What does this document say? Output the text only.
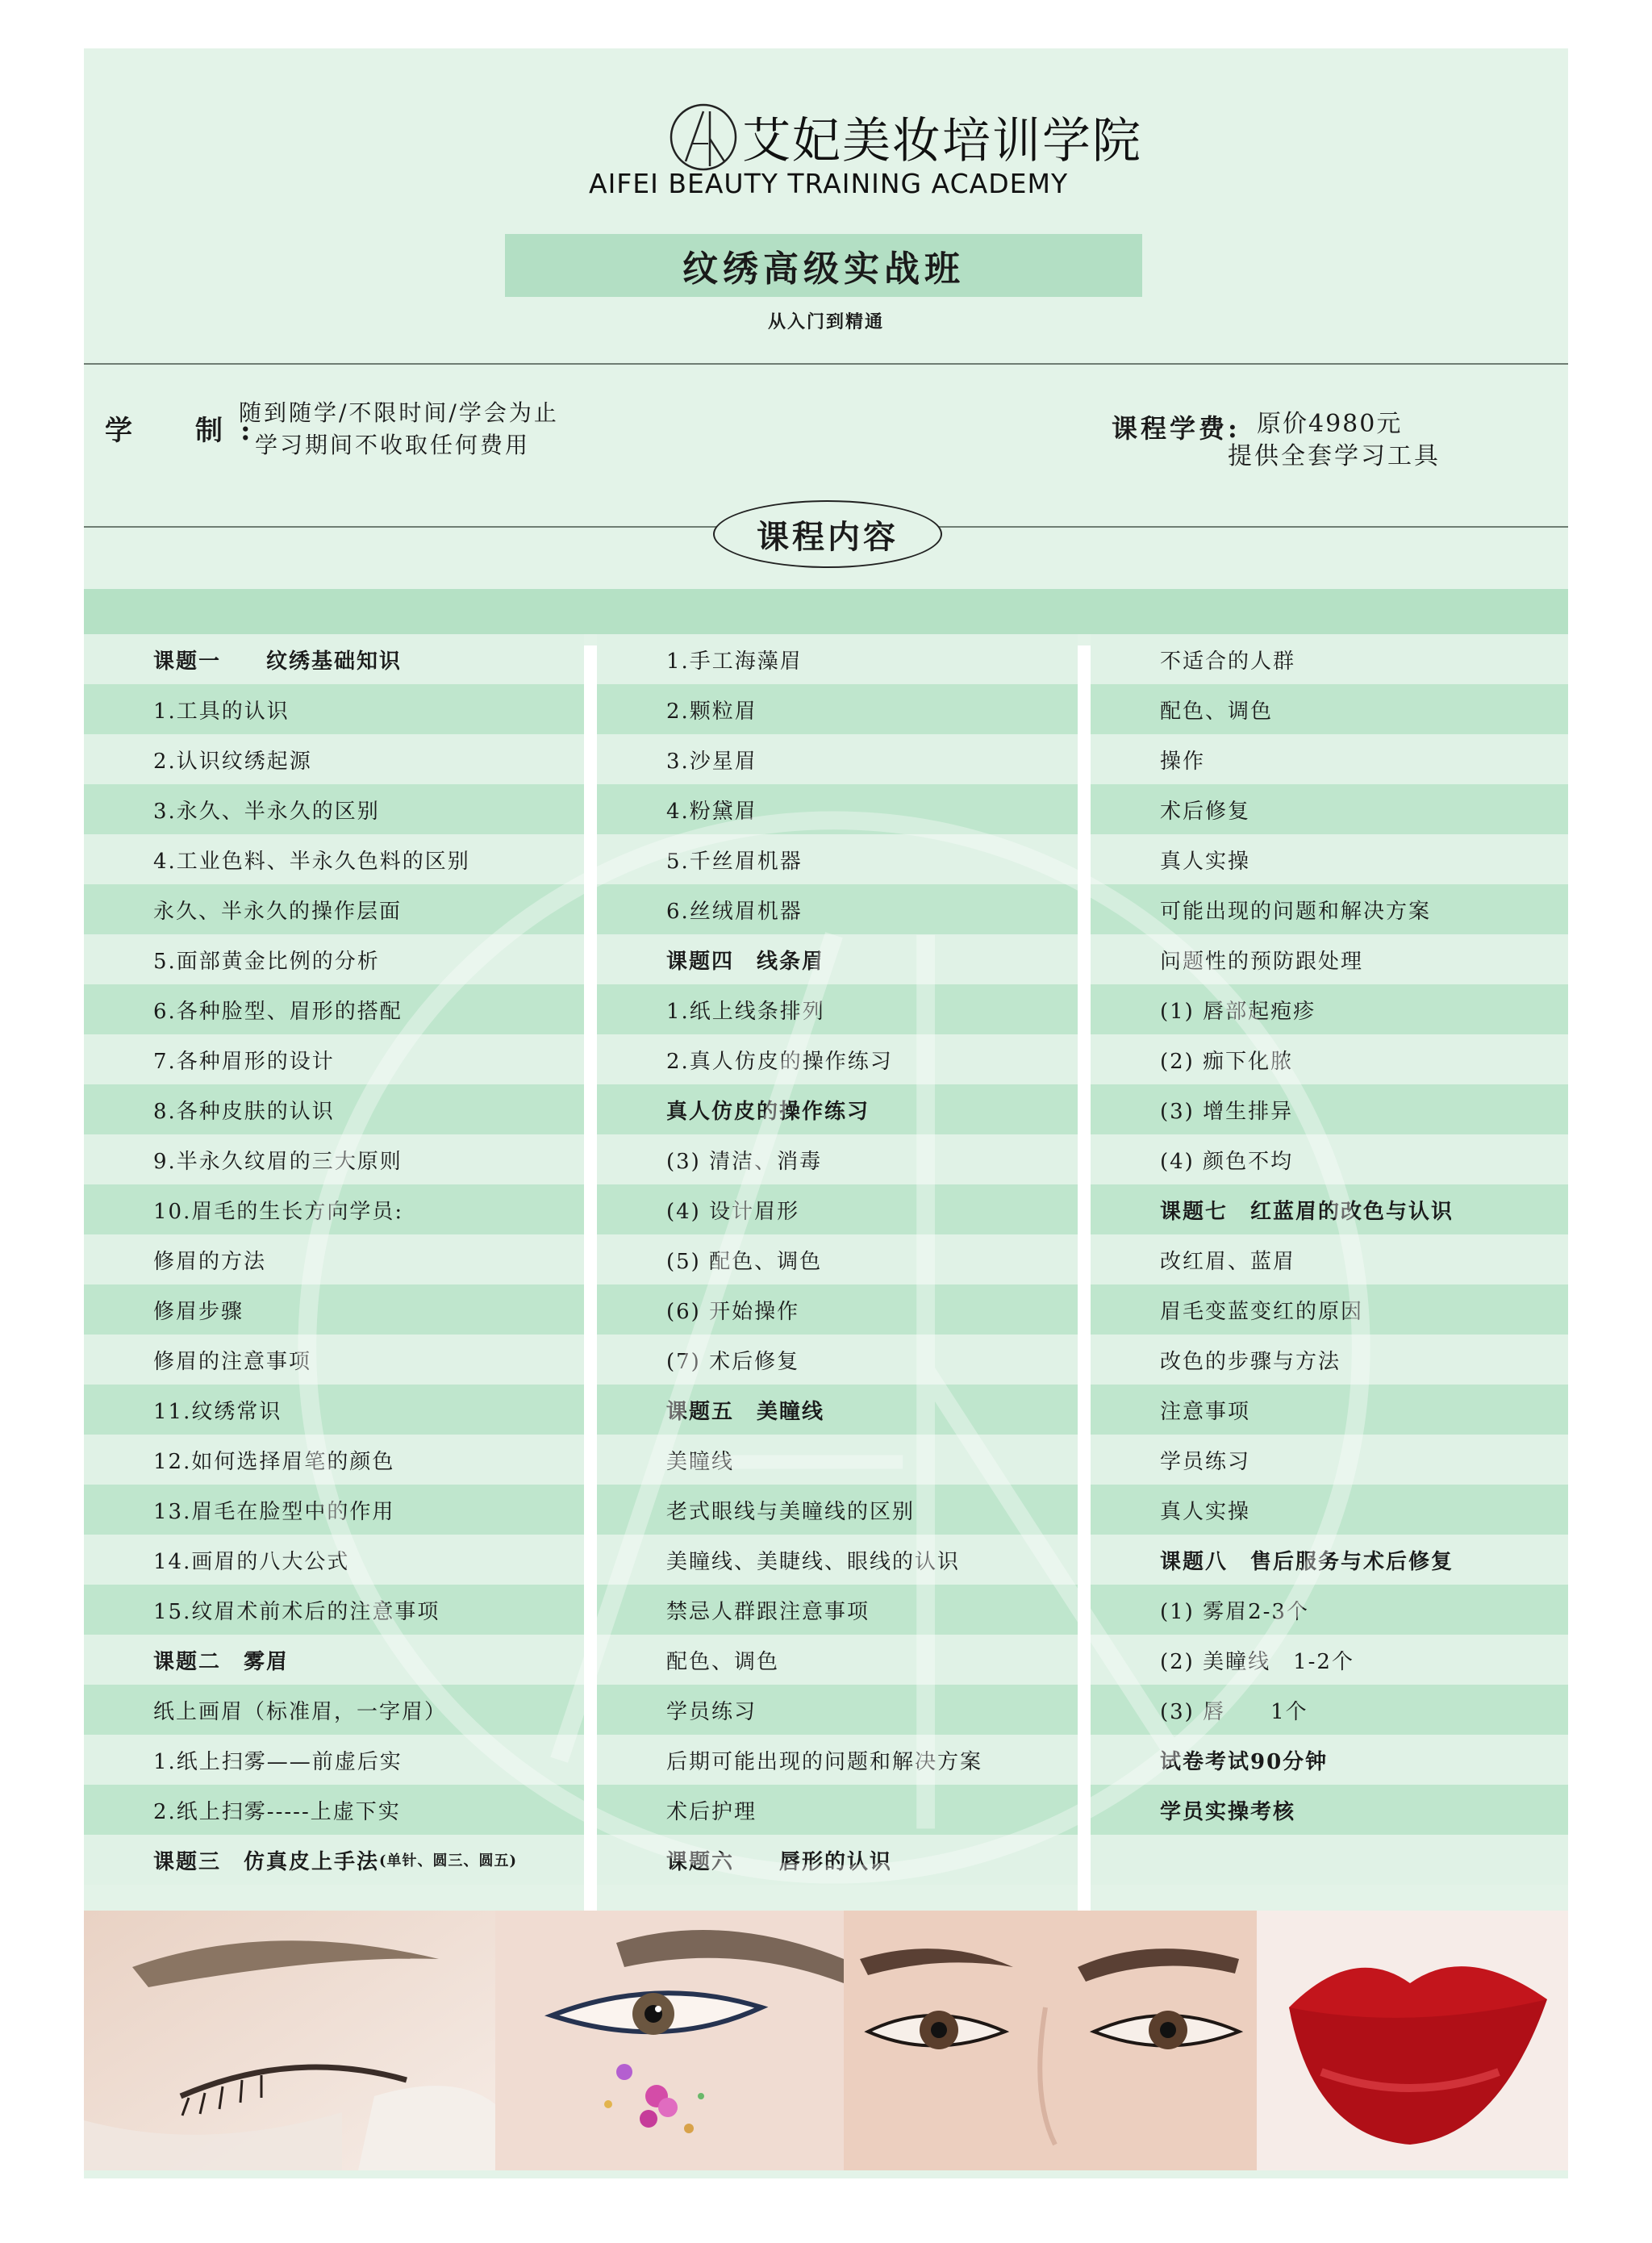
艾妃美妆培训学院
AIFEI BEAUTY TRAINING ACADEMY
纹绣高级实战班
从入门到精通
学　制:
随到随学/不限时间/学会为止
学习期间不收取任何费用
课程学费: 原价4980元
提供全套学习工具
课程内容
课题一　　纹绣基础知识
1.工具的认识
2.认识纹绣起源
3.永久、半永久的区别
4.工业色料、半永久色料的区别
永久、半永久的操作层面
5.面部黄金比例的分析
6.各种脸型、眉形的搭配
7.各种眉形的设计
8.各种皮肤的认识
9.半永久纹眉的三大原则
10.眉毛的生长方向学员:
修眉的方法
修眉步骤
修眉的注意事项
11.纹绣常识
12.如何选择眉笔的颜色
13.眉毛在脸型中的作用
14.画眉的八大公式
15.纹眉术前术后的注意事项
课题二　雾眉
纸上画眉（标准眉，一字眉）
1.纸上扫雾——前虚后实
2.纸上扫雾-----上虚下实
课题三　仿真皮上手法 (单针、圆三、圆五)
1.手工海藻眉
2.颗粒眉
3.沙星眉
4.粉黛眉
5.千丝眉机器
6.丝绒眉机器
课题四　线条眉
1.纸上线条排列
2.真人仿皮的操作练习
真人仿皮的操作练习
(3) 清洁、消毒
(4) 设计眉形
(5) 配色、调色
(6) 开始操作
(7) 术后修复
课题五　美瞳线
美瞳线
老式眼线与美瞳线的区别
美瞳线、美睫线、眼线的认识
禁忌人群跟注意事项
配色、调色
学员练习
后期可能出现的问题和解决方案
术后护理
课题六　　唇形的认识
不适合的人群
配色、调色
操作
术后修复
真人实操
可能出现的问题和解决方案
问题性的预防跟处理
(1) 唇部起疱疹
(2) 痂下化脓
(3) 增生排异
(4) 颜色不均
课题七　红蓝眉的改色与认识
改红眉、蓝眉
眉毛变蓝变红的原因
改色的步骤与方法
注意事项
学员练习
真人实操
课题八　售后服务与术后修复
(1) 雾眉2-3个
(2) 美瞳线　1-2个
(3) 唇　　1个
试卷考试90分钟
学员实操考核
